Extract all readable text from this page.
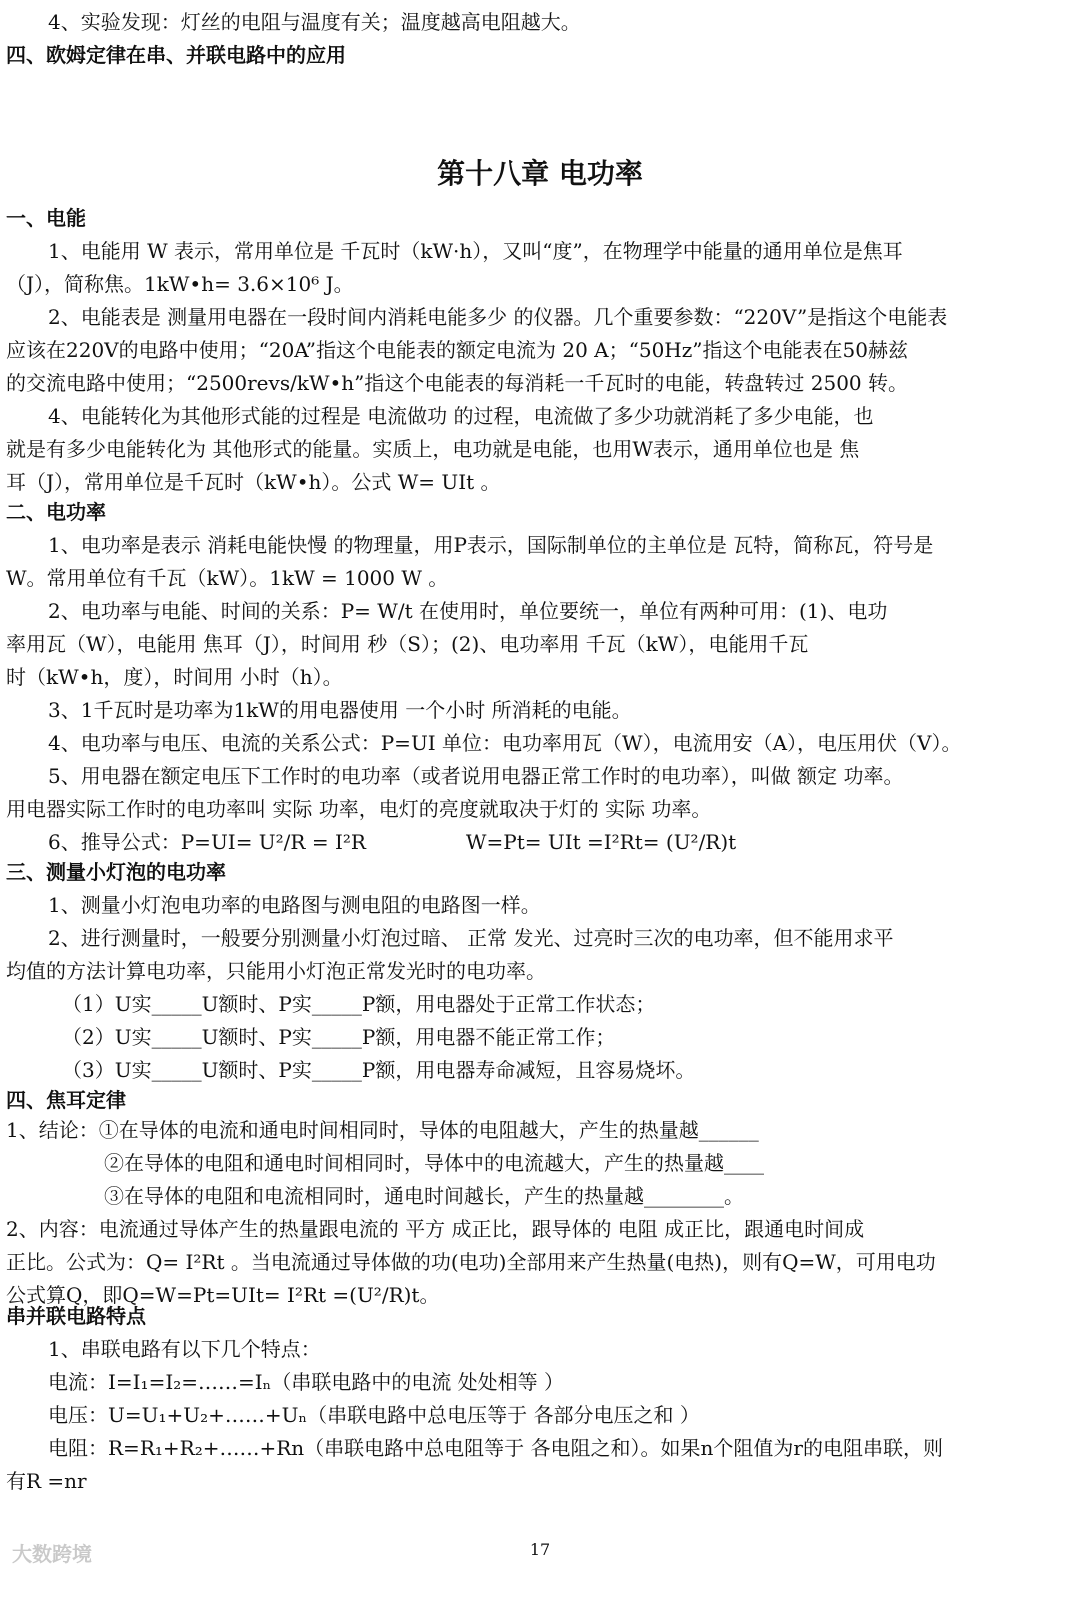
4、实验发现：灯丝的电阻与温度有关；温度越高电阻越大。
四、欧姆定律在串、并联电路中的应用
第十八章 电功率
一、电能
1、电能用 W 表示，常用单位是 千瓦时（kW·h），又叫“度”，在物理学中能量的通用单位是焦耳
（J），简称焦。1kW•h= 3.6×10⁶ J。
2、电能表是 测量用电器在一段时间内消耗电能多少 的仪器。几个重要参数：“220V”是指这个电能表
应该在220V的电路中使用；“20A”指这个电能表的额定电流为 20 A；“50Hz”指这个电能表在50赫兹
的交流电路中使用；“2500revs/kW•h”指这个电能表的每消耗一千瓦时的电能，转盘转过 2500 转。
4、电能转化为其他形式能的过程是 电流做功 的过程，电流做了多少功就消耗了多少电能，也
就是有多少电能转化为 其他形式的能量。实质上，电功就是电能，也用W表示，通用单位也是 焦
耳（J），常用单位是千瓦时（kW•h）。公式 W= UIt 。
二、电功率
1、电功率是表示 消耗电能快慢 的物理量，用P表示，国际制单位的主单位是 瓦特，简称瓦，符号是
W。常用单位有千瓦（kW）。1kW = 1000 W 。
2、电功率与电能、时间的关系：P= W/t 在使用时，单位要统一，单位有两种可用：(1)、电功
率用瓦（W），电能用 焦耳（J），时间用 秒（S）；(2)、电功率用 千瓦（kW），电能用千瓦
时（kW•h，度），时间用 小时（h）。
3、1千瓦时是功率为1kW的用电器使用 一个小时 所消耗的电能。
4、电功率与电压、电流的关系公式：P=UI 单位：电功率用瓦（W），电流用安（A），电压用伏（V）。
5、用电器在额定电压下工作时的电功率（或者说用电器正常工作时的电功率），叫做 额定 功率。
用电器实际工作时的电功率叫 实际 功率，电灯的亮度就取决于灯的 实际 功率。
6、推导公式：P=UI= U²/R = I²R　　　　　W=Pt= UIt =I²Rt= (U²/R)t
三、测量小灯泡的电功率
1、测量小灯泡电功率的电路图与测电阻的电路图一样。
2、进行测量时，一般要分别测量小灯泡过暗、 正常 发光、过亮时三次的电功率，但不能用求平
均值的方法计算电功率，只能用小灯泡正常发光时的电功率。
（1）U实_____U额时、P实_____P额，用电器处于正常工作状态；
（2）U实_____U额时、P实_____P额，用电器不能正常工作；
（3）U实_____U额时、P实_____P额，用电器寿命减短，且容易烧坏。
四、焦耳定律
1、结论：①在导体的电流和通电时间相同时，导体的电阻越大，产生的热量越______
②在导体的电阻和通电时间相同时，导体中的电流越大，产生的热量越____
③在导体的电阻和电流相同时，通电时间越长，产生的热量越________。
2、内容：电流通过导体产生的热量跟电流的 平方 成正比，跟导体的 电阻 成正比，跟通电时间成
正比。公式为：Q= I²Rt 。当电流通过导体做的功(电功)全部用来产生热量(电热)，则有Q=W，可用电功
公式算Q，即Q=W=Pt=UIt= I²Rt =(U²/R)t。
串并联电路特点
1、串联电路有以下几个特点：
电流：I=I₁=I₂=……=Iₙ（串联电路中的电流 处处相等 ）
电压：U=U₁+U₂+……+Uₙ（串联电路中总电压等于 各部分电压之和 ）
电阻：R=R₁+R₂+……+Rn（串联电路中总电阻等于 各电阻之和）。如果n个阻值为r的电阻串联，则
有R =nr
大数跨境	17
